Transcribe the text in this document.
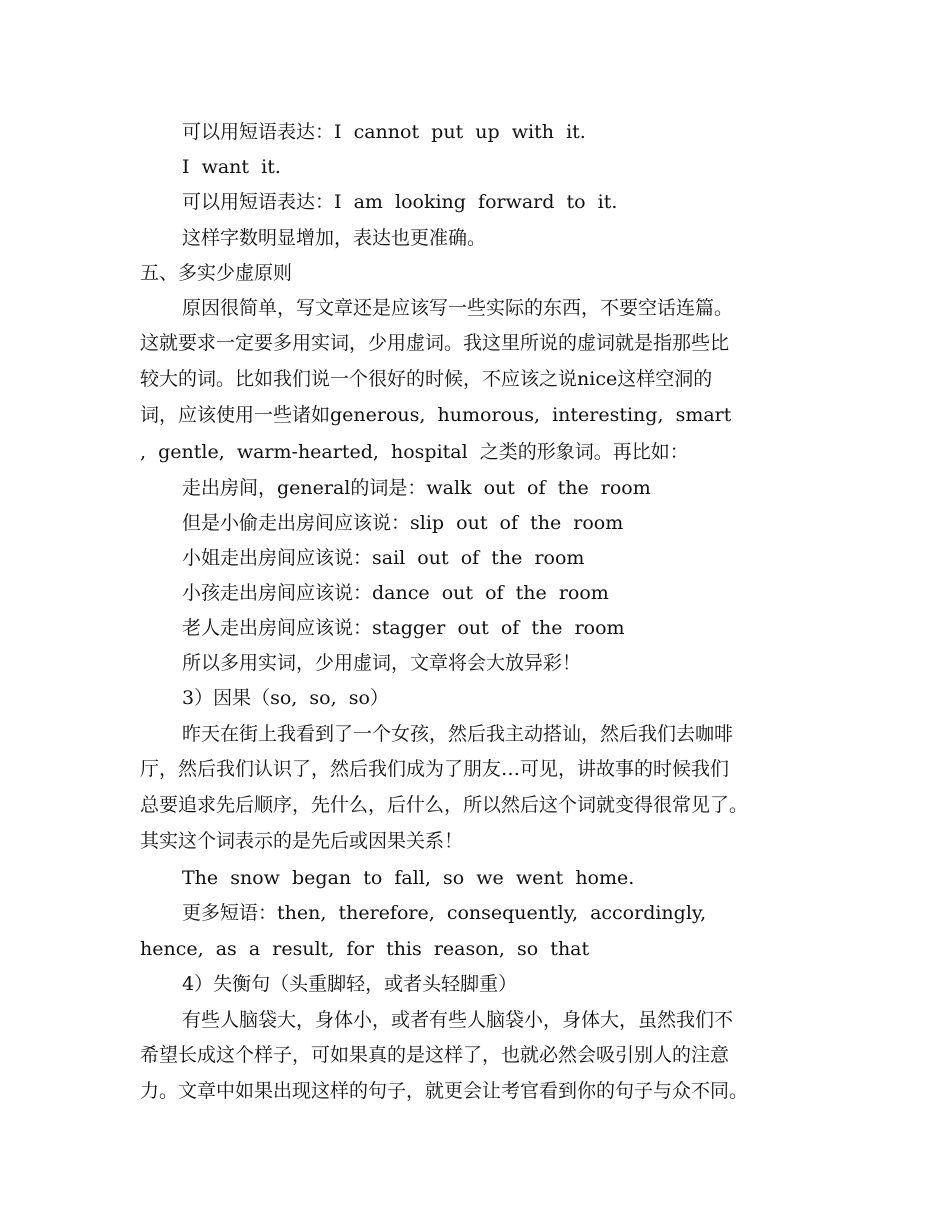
可以用短语表达：I  cannot  put  up  with  it.
I  want  it.
可以用短语表达：I  am  looking  forward  to  it.
这样字数明显增加，表达也更准确。
五、多实少虚原则
原因很简单，写文章还是应该写一些实际的东西，不要空话连篇。
这就要求一定要多用实词，少用虚词。我这里所说的虚词就是指那些比
较大的词。比如我们说一个很好的时候，不应该之说nice这样空洞的
词，应该使用一些诸如generous,  humorous,  interesting,  smart
,  gentle,  warm-hearted,  hospital  之类的形象词。再比如：
走出房间，general的词是：walk  out  of  the  room
但是小偷走出房间应该说：slip  out  of  the  room
小姐走出房间应该说：sail  out  of  the  room
小孩走出房间应该说：dance  out  of  the  room
老人走出房间应该说：stagger  out  of  the  room
所以多用实词，少用虚词，文章将会大放异彩！
3）因果（so,  so,  so）
昨天在街上我看到了一个女孩，然后我主动搭讪，然后我们去咖啡
厅，然后我们认识了，然后我们成为了朋友…可见，讲故事的时候我们
总要追求先后顺序，先什么，后什么，所以然后这个词就变得很常见了。
其实这个词表示的是先后或因果关系！
The  snow  began  to  fall,  so  we  went  home.
更多短语：then,  therefore,  consequently,  accordingly,
hence,  as  a  result,  for  this  reason,  so  that
4）失衡句（头重脚轻，或者头轻脚重）
有些人脑袋大，身体小，或者有些人脑袋小，身体大，虽然我们不
希望长成这个样子，可如果真的是这样了，也就必然会吸引别人的注意
力。文章中如果出现这样的句子，就更会让考官看到你的句子与众不同。
